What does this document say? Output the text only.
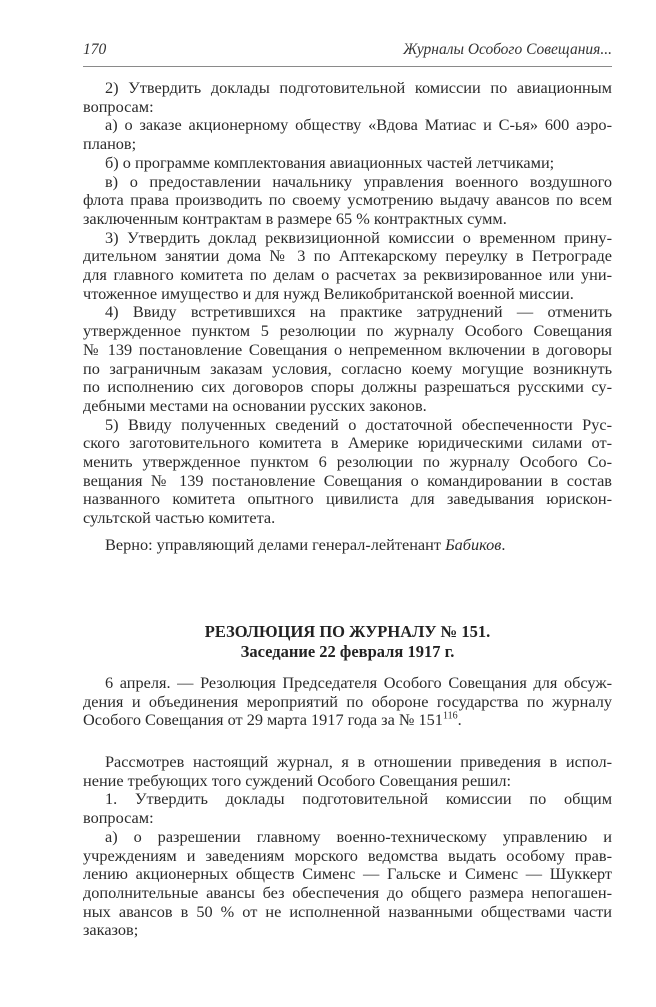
170	Журналы Особого Совещания...
2) Утвердить доклады подготовительной комиссии по авиационным
вопросам:
а) о заказе акционерному обществу «Вдова Матиас и С-ья» 600 аэро-
планов;
б) о программе комплектования авиационных частей летчиками;
в) о предоставлении начальнику управления военного воздушного
флота права производить по своему усмотрению выдачу авансов по всем
заключенным контрактам в размере 65 % контрактных сумм.
3) Утвердить доклад реквизиционной комиссии о временном прину-
дительном занятии дома № 3 по Аптекарскому переулку в Петрограде
для главного комитета по делам о расчетах за реквизированное или уни-
чтоженное имущество и для нужд Великобританской военной миссии.
4) Ввиду встретившихся на практике затруднений — отменить
утвержденное пунктом 5 резолюции по журналу Особого Совещания
№ 139 постановление Совещания о непременном включении в договоры
по заграничным заказам условия, согласно коему могущие возникнуть
по исполнению сих договоров споры должны разрешаться русскими су-
дебными местами на основании русских законов.
5) Ввиду полученных сведений о достаточной обеспеченности Рус-
ского заготовительного комитета в Америке юридическими силами от-
менить утвержденное пунктом 6 резолюции по журналу Особого Со-
вещания № 139 постановление Совещания о командировании в состав
названного комитета опытного цивилиста для заведывания юрискон-
сультской частью комитета.
Верно: управляющий делами генерал-лейтенант Бабиков.
РЕЗОЛЮЦИЯ ПО ЖУРНАЛУ № 151.
Заседание 22 февраля 1917 г.
6 апреля. — Резолюция Председателя Особого Совещания для обсуж-
дения и объединения мероприятий по обороне государства по журналу
Особого Совещания от 29 марта 1917 года за № $151^{116}$.
Рассмотрев настоящий журнал, я в отношении приведения в испол-
нение требующих того суждений Особого Совещания решил:
1. Утвердить доклады подготовительной комиссии по общим
вопросам:
а) о разрешении главному военно-техническому управлению и
учреждениям и заведениям морского ведомства выдать особому прав-
лению акционерных обществ Сименс — Гальске и Сименс — Шуккерт
дополнительные авансы без обеспечения до общего размера непогашен-
ных авансов в 50 % от не исполненной названными обществами части
заказов;
